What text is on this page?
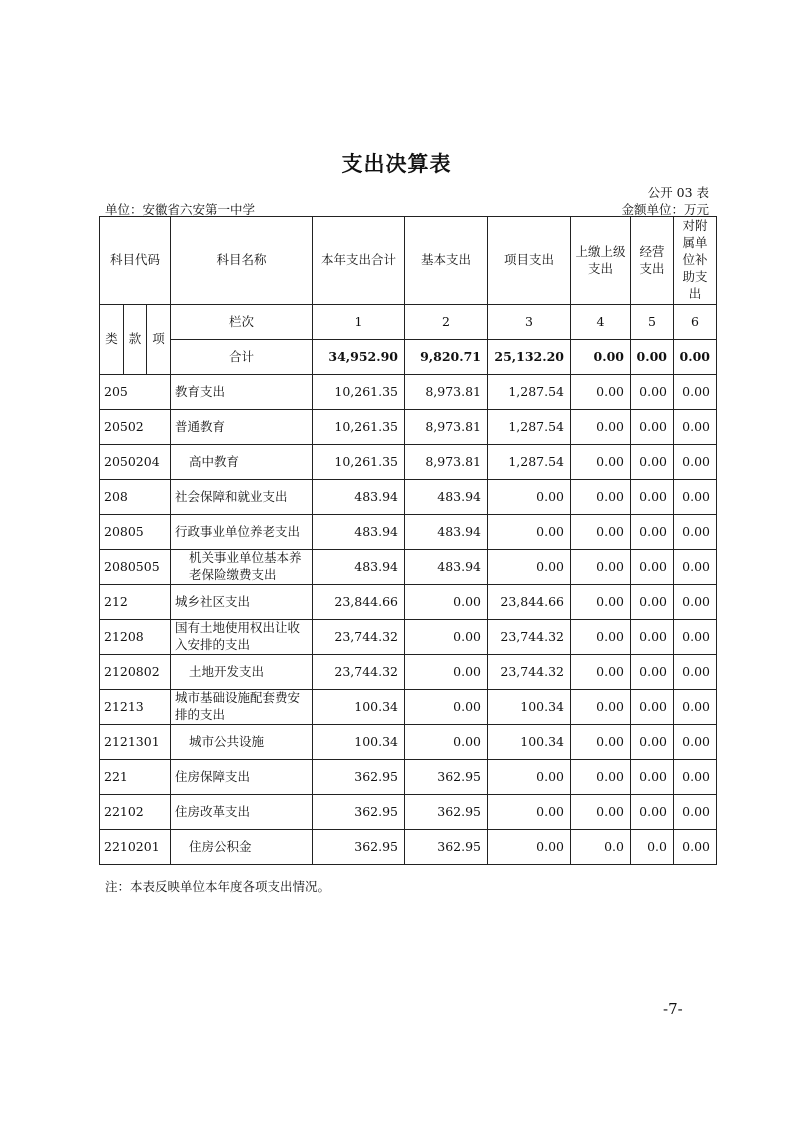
支出决算表
公开 03 表
单位：安徽省六安第一中学	金额单位：万元
科目代码			科目名称	本年支出合计	基本支出	项目支出	上缴上级支出	经营支出	对附属单位补助支出
类	款	项	栏次	1	2	3	4	5	6
			合计	34,952.90	9,820.71	25,132.20	0.00	0.00	0.00
205			教育支出	10,261.35	8,973.81	1,287.54	0.00	0.00	0.00
20502			普通教育	10,261.35	8,973.81	1,287.54	0.00	0.00	0.00
2050204			高中教育	10,261.35	8,973.81	1,287.54	0.00	0.00	0.00
208			社会保障和就业支出	483.94	483.94	0.00	0.00	0.00	0.00
20805			行政事业单位养老支出	483.94	483.94	0.00	0.00	0.00	0.00
2080505			机关事业单位基本养老保险缴费支出	483.94	483.94	0.00	0.00	0.00	0.00
212			城乡社区支出	23,844.66	0.00	23,844.66	0.00	0.00	0.00
21208			国有土地使用权出让收入安排的支出	23,744.32	0.00	23,744.32	0.00	0.00	0.00
2120802			土地开发支出	23,744.32	0.00	23,744.32	0.00	0.00	0.00
21213			城市基础设施配套费安排的支出	100.34	0.00	100.34	0.00	0.00	0.00
2121301			城市公共设施	100.34	0.00	100.34	0.00	0.00	0.00
221			住房保障支出	362.95	362.95	0.00	0.00	0.00	0.00
22102			住房改革支出	362.95	362.95	0.00	0.00	0.00	0.00
2210201			住房公积金	362.95	362.95	0.00	0.0	0.0	0.00
注：本表反映单位本年度各项支出情况。
-7-
